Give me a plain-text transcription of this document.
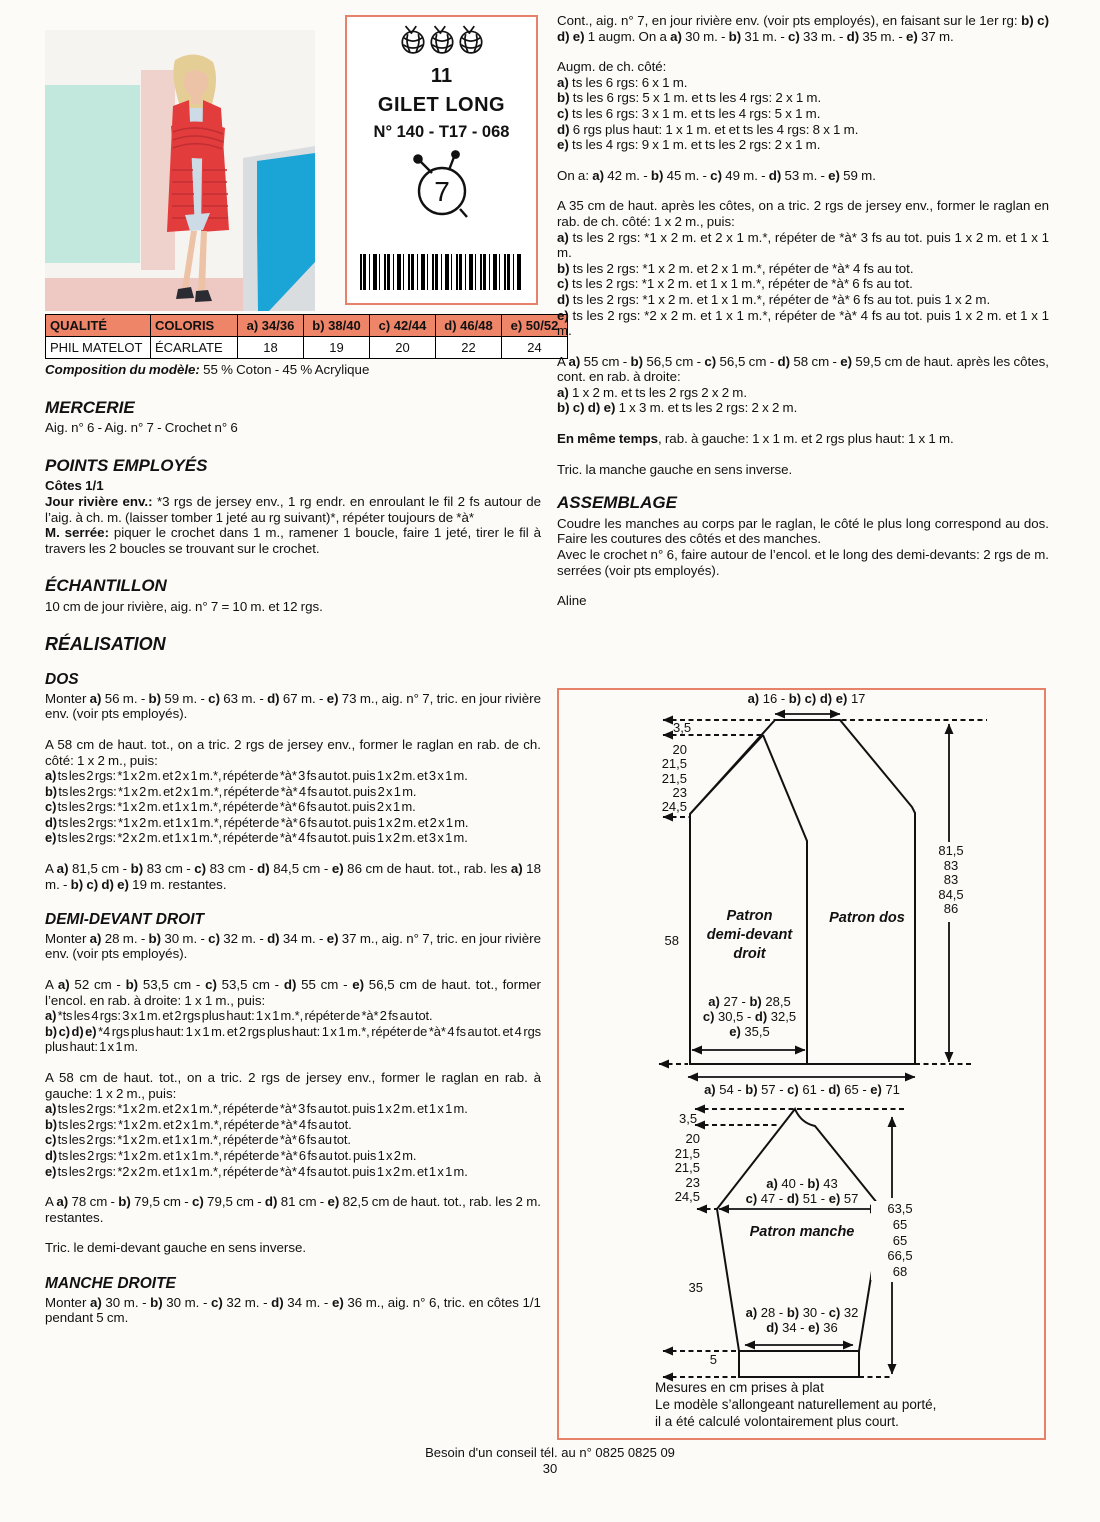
11
GILET LONG
N° 140 - T17 - 068
7
QUALITÉ	COLORIS	a) 34/36	b) 38/40	c) 42/44	d) 46/48	e) 50/52
PHIL MATELOT	ÉCARLATE	18	19	20	22	24

Composition du modèle: 55 % Coton - 45 % Acrylique

MERCERIE

Aig. n° 6 - Aig. n° 7 - Crochet n° 6

POINTS EMPLOYÉS

Côtes 1/1

Jour rivière env.: *3 rgs de jersey env., 1 rg endr. en enroulant le fil 2 fs autour de l’aig. à ch. m. (laisser tomber 1 jeté au rg suivant)*, répéter toujours de *à*

M. serrée: piquer le crochet dans 1 m., ramener 1 boucle, faire 1 jeté, tirer le fil à travers les 2 boucles se trouvant sur le crochet.

ÉCHANTILLON

10 cm de jour rivière, aig. n° 7 = 10 m. et 12 rgs.

RÉALISATION
DOS

Monter a) 56 m. - b) 59 m. - c) 63 m. - d) 67 m. - e) 73 m., aig. n° 7, tric. en jour rivière env. (voir pts employés).

A 58 cm de haut. tot., on a tric. 2 rgs de jersey env., former le raglan en rab. de ch. côté: 1 x 2 m., puis:

a) ts les 2 rgs: *1 x 2 m. et 2 x 1 m.*, répéter de *à* 3 fs au tot. puis 1 x 2 m. et 3 x 1 m.

b) ts les 2 rgs: *1 x 2 m. et 2 x 1 m.*, répéter de *à* 4 fs au tot. puis 2 x 1 m.

c) ts les 2 rgs: *1 x 2 m. et 1 x 1 m.*, répéter de *à* 6 fs au tot. puis 2 x 1 m.

d) ts les 2 rgs: *1 x 2 m. et 1 x 1 m.*, répéter de *à* 6 fs au tot. puis 1 x 2 m. et 2 x 1 m.

e) ts les 2 rgs: *2 x 2 m. et 1 x 1 m.*, répéter de *à* 4 fs au tot. puis 1 x 2 m. et 3 x 1 m.

A a) 81,5 cm - b) 83 cm - c) 83 cm - d) 84,5 cm - e) 86 cm de haut. tot., rab. les a) 18 m. - b) c) d) e) 19 m. restantes.

DEMI-DEVANT DROIT

Monter a) 28 m. - b) 30 m. - c) 32 m. - d) 34 m. - e) 37 m., aig. n° 7, tric. en jour rivière env. (voir pts employés).

A a) 52 cm - b) 53,5 cm - c) 53,5 cm - d) 55 cm - e) 56,5 cm de haut. tot., former l’encol. en rab. à droite: 1 x 1 m., puis:

a) *ts les 4 rgs: 3 x 1 m. et 2 rgs plus haut: 1 x 1 m.*, répéter de *à* 2 fs au tot.

b) c) d) e) *4 rgs plus haut: 1 x 1 m. et 2 rgs plus haut: 1 x 1 m.*, répéter de *à* 4 fs au tot. et 4 rgs plus haut: 1 x 1 m.

A 58 cm de haut. tot., on a tric. 2 rgs de jersey env., former le raglan en rab. à gauche: 1 x 2 m., puis:

a) ts les 2 rgs: *1 x 2 m. et 2 x 1 m.*, répéter de *à* 3 fs au tot. puis 1 x 2 m. et 1 x 1 m.

b) ts les 2 rgs: *1 x 2 m. et 2 x 1 m.*, répéter de *à* 4 fs au tot.

c) ts les 2 rgs: *1 x 2 m. et 1 x 1 m.*, répéter de *à* 6 fs au tot.

d) ts les 2 rgs: *1 x 2 m. et 1 x 1 m.*, répéter de *à* 6 fs au tot. puis 1 x 2 m.

e) ts les 2 rgs: *2 x 2 m. et 1 x 1 m.*, répéter de *à* 4 fs au tot. puis 1 x 2 m. et 1 x 1 m.

A a) 78 cm - b) 79,5 cm - c) 79,5 cm - d) 81 cm - e) 82,5 cm de haut. tot., rab. les 2 m. restantes.

Tric. le demi-devant gauche en sens inverse.

MANCHE DROITE

Monter a) 30 m. - b) 30 m. - c) 32 m. - d) 34 m. - e) 36 m., aig. n° 6, tric. en côtes 1/1 pendant 5 cm.

Cont., aig. n° 7, en jour rivière env. (voir pts employés), en faisant sur le 1er rg: b) c) d) e) 1 augm. On a a) 30 m. - b) 31 m. - c) 33 m. - d) 35 m. - e) 37 m.

Augm. de ch. côté:

a) ts les 6 rgs: 6 x 1 m.

b) ts les 6 rgs: 5 x 1 m. et ts les 4 rgs: 2 x 1 m.

c) ts les 6 rgs: 3 x 1 m. et ts les 4 rgs: 5 x 1 m.

d) 6 rgs plus haut: 1 x 1 m. et et ts les 4 rgs: 8 x 1 m.

e) ts les 4 rgs: 9 x 1 m. et ts les 2 rgs: 2 x 1 m.

On a: a) 42 m. - b) 45 m. - c) 49 m. - d) 53 m. - e) 59 m.

A 35 cm de haut. après les côtes, on a tric. 2 rgs de jersey env., former le raglan en rab. de ch. côté: 1 x 2 m., puis:

a) ts les 2 rgs: *1 x 2 m. et 2 x 1 m.*, répéter de *à* 3 fs au tot. puis 1 x 2 m. et 1 x 1 m.

b) ts les 2 rgs: *1 x 2 m. et 2 x 1 m.*, répéter de *à* 4 fs au tot.

c) ts les 2 rgs: *1 x 2 m. et 1 x 1 m.*, répéter de *à* 6 fs au tot.

d) ts les 2 rgs: *1 x 2 m. et 1 x 1 m.*, répéter de *à* 6 fs au tot. puis 1 x 2 m.

e) ts les 2 rgs: *2 x 2 m. et 1 x 1 m.*, répéter de *à* 4 fs au tot. puis 1 x 2 m. et 1 x 1 m.

A a) 55 cm - b) 56,5 cm - c) 56,5 cm - d) 58 cm - e) 59,5 cm de haut. après les côtes, cont. en rab. à droite:

a) 1 x 2 m. et ts les 2 rgs 2 x 2 m.

b) c) d) e) 1 x 3 m. et ts les 2 rgs: 2 x 2 m.

En même temps, rab. à gauche: 1 x 1 m. et 2 rgs plus haut: 1 x 1 m.

Tric. la manche gauche en sens inverse.

ASSEMBLAGE

Coudre les manches au corps par le raglan, le côté le plus long correspond au dos. Faire les coutures des côtés et des manches.

Avec le crochet n° 6, faire autour de l’encol. et le long des demi-devants: 2 rgs de m. serrées (voir pts employés).

Aline

a) 16 - b) c) d) e) 17
3,5
20
21,5
21,5
23
24,5
81,5
83
83
84,5
86
Patron
demi-devant
droit
Patron dos
58
a) 27 - b) 28,5
c) 30,5 - d) 32,5
e) 35,5
a) 54 - b) 57 - c) 61 - d) 65 - e) 71
3,5
20
21,5
21,5
23
24,5
a) 40 - b) 43
c) 47 - d) 51 - e) 57
Patron manche
35
63,5
65
65
66,5
68
a) 28 - b) 30 - c) 32
d) 34 - e) 36
5
Mesures en cm prises à plat
Le modèle s’allongeant naturellement au porté,
il a été calculé volontairement plus court.
Besoin d'un conseil tél. au n° 0825 0825 09
30
